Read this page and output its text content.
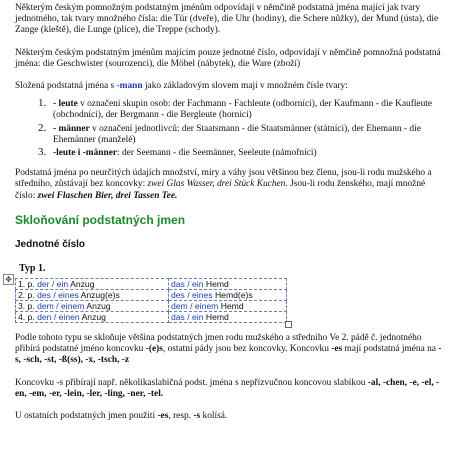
Některým českým pomnožným podstatným jménům odpovídají v němčině podstatná jména mající jak tvary jednotného, tak tvary množného čísla: die Tür (dveře), die Uhr (hodiny), die Schere nůžky), der Mund (ústa), die Zange (kleště), die Lunge (plíce), die Treppe (schody).

Některým českým podstatným jménům majícím pouze jednotné číslo, odpovídají v němčině pomnožná podstatná jména: die Geschwister (sourozenci), die Möbel (nábytek), die Ware (zboží)

Složená podstatná jména s -mann jako základovým slovem mají v množném čísle tvary:

1. - leute v označení skupin osob: der Fachmann - Fachleute (odborníci), der Kaufmann - die Kaufleute (obchodníci), der Bergmann - die Bergleute (horníci)
2. - männer v označení jednotlivců: der Staatsmann - die Staatsmänner (státníci), der Ehemann - die Ehemänner (manželé)
3. -leute i -männer: der Seemann - die Seemänner, Seeleute (námořníci)

Podstatná jména po neurčitých údajích množství, míry a váhy jsou většinou bez členu, jsou-li rodu mužského a středního, zůstávají bez koncovky: zwei Glas Wasser, drei Stück Kuchen. Jsou-li rodu ženského, mají množné číslo: zwei Flaschen Bier, drei Tassen Tee.

Skloňování podstatných jmen
Jednotné číslo
Typ 1.
✥ 1. p. der / ein Anzug	das / ein Hemd
2. p. des / eines Anzug(e)s	des / eines Hemd(e)s
3. p. dem / einem Anzug	dem / einem Hemd
4. p. den / einen Anzug	das / ein Hemd

Podle tohoto typu se skloňuje většina podstatných jmen rodu mužského a středního Ve 2. pádě č. jednotného přibírá podstatné jméno koncovku -(e)s, ostatní pády jsou bez koncovky. Koncovku -es mají podstatná jména na -s, -sch, -st, -ß(ss), -x, -tsch, -z

Koncovku -s přibírají např. několikaslabičná podst. jména s nepřízvučnou koncovou slabikou -al, -chen, -e, -el, -en, -em, -er, -lein, -ler, -ling, -ner, -tel.

U ostatních podstatných jmen použití -es, resp. -s kolísá.
